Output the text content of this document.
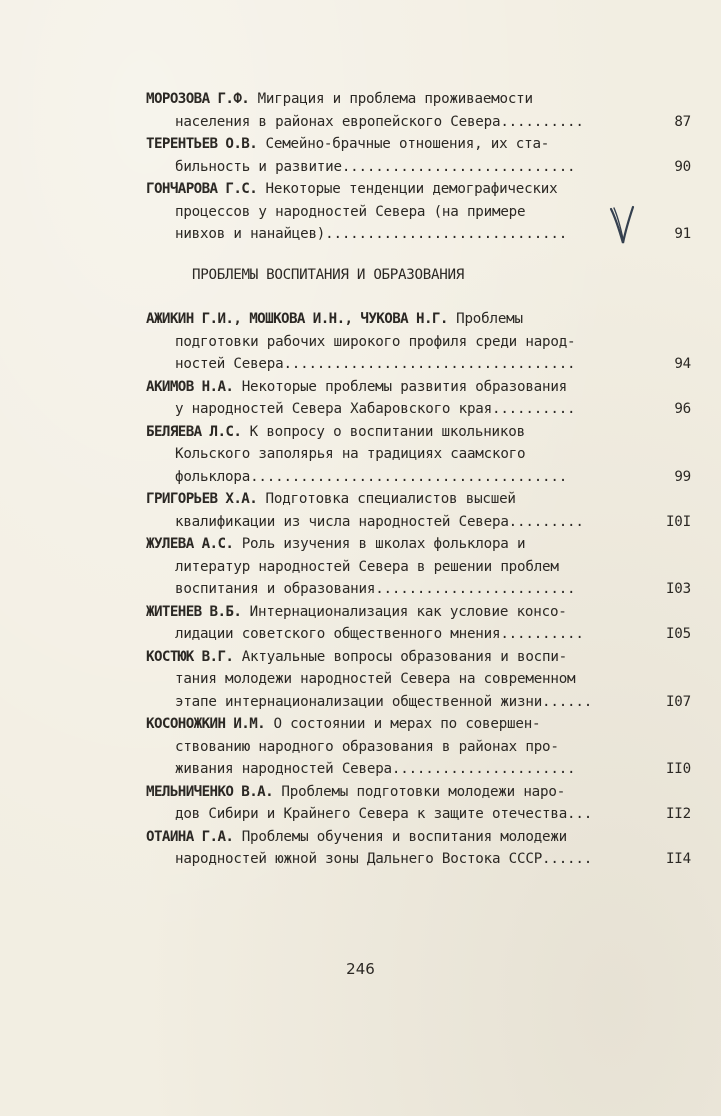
МОРОЗОВА Г.Ф. Миграция и проблема проживаемости
населения в районах европейского Севера..........	87
ТЕРЕНТЬЕВ О.В. Семейно-брачные отношения, их ста-
бильность и развитие............................	90
ГОНЧАРОВА Г.С. Некоторые тенденции демографических
процессов у народностей Севера (на примере
нивхов и нанайцев).............................	91
ПРОБЛЕМЫ ВОСПИТАНИЯ И ОБРАЗОВАНИЯ
АЖИКИН Г.И., МОШКОВА И.Н., ЧУКОВА Н.Г. Проблемы
подготовки рабочих широкого профиля среди народ-
ностей Севера...................................	94
АКИМОВ Н.А. Некоторые проблемы развития образования
у народностей Севера Хабаровского края..........	96
БЕЛЯЕВА Л.С. К вопросу о воспитании школьников
Кольского заполярья на традициях саамского
фольклора......................................	99
ГРИГОРЬЕВ Х.А. Подготовка специалистов высшей
квалификации из числа народностей Севера.........	I0I
ЖУЛЕВА А.С. Роль изучения в школах фольклора и
литератур народностей Севера в решении проблем
воспитания и образования........................	I03
ЖИТЕНЕВ В.Б. Интернационализация как условие консо-
лидации советского общественного мнения..........	I05
КОСТЮК В.Г. Актуальные вопросы образования и воспи-
тания молодежи народностей Севера на современном
этапе интернационализации общественной жизни......	I07
КОСОНОЖКИН И.М. О состоянии и мерах по совершен-
ствованию народного образования в районах про-
живания народностей Севера......................	II0
МЕЛЬНИЧЕНКО В.А. Проблемы подготовки молодежи наро-
дов Сибири и Крайнего Севера к защите отечества...	II2
ОТАИНА Г.А. Проблемы обучения и воспитания молодежи
народностей южной зоны Дальнего Востока СССР......	II4
246
